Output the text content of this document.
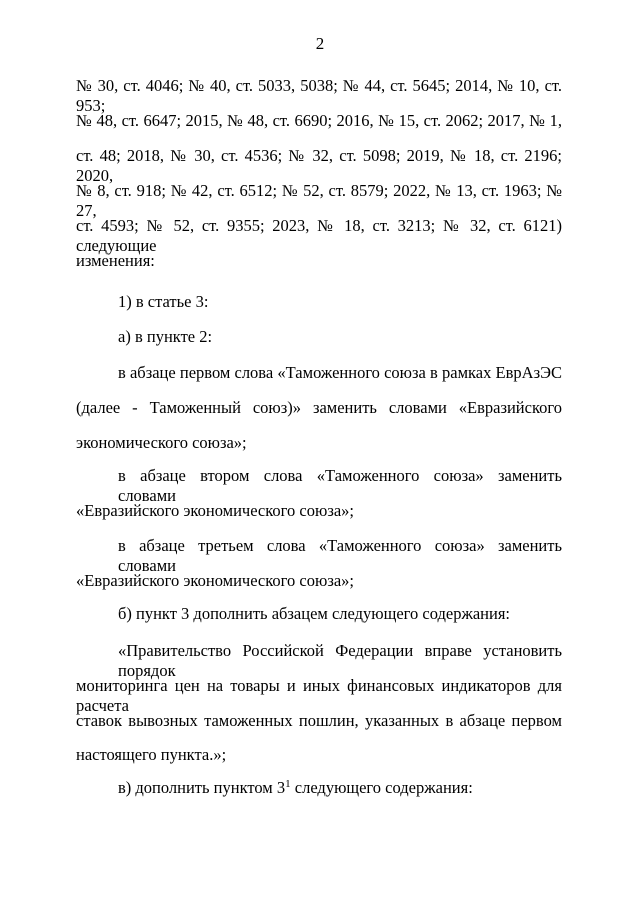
2
№ 30, ст. 4046; № 40, ст. 5033, 5038; № 44, ст. 5645; 2014, № 10, ст. 953;
№ 48, ст. 6647; 2015, № 48, ст. 6690; 2016, № 15, ст. 2062; 2017, № 1,
ст. 48; 2018, № 30, ст. 4536; № 32, ст. 5098; 2019, № 18, ст. 2196; 2020,
№ 8, ст. 918; № 42, ст. 6512; № 52, ст. 8579; 2022, № 13, ст. 1963; № 27,
ст. 4593; № 52, ст. 9355; 2023, № 18, ст. 3213; № 32, ст. 6121) следующие
изменения:
1) в статье 3:
а) в пункте 2:
в абзаце первом слова «Таможенного союза в рамках ЕврАзЭС
(далее - Таможенный союз)» заменить словами «Евразийского
экономического союза»;
в абзаце втором слова «Таможенного союза» заменить словами
«Евразийского экономического союза»;
в абзаце третьем слова «Таможенного союза» заменить словами
«Евразийского экономического союза»;
б) пункт 3 дополнить абзацем следующего содержания:
«Правительство Российской Федерации вправе установить порядок
мониторинга цен на товары и иных финансовых индикаторов для расчета
ставок вывозных таможенных пошлин, указанных в абзаце первом
настоящего пункта.»;
в) дополнить пунктом $3^1$ следующего содержания:
